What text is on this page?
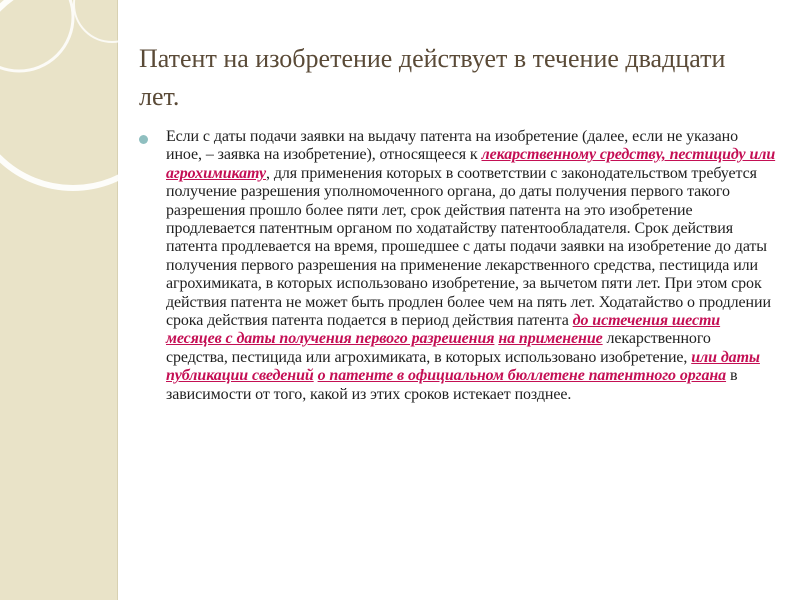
Патент на изобретение действует в течение двадцати лет.
Если с даты подачи заявки на выдачу патента на изобретение (далее, если не указано иное, – заявка на изобретение), относящееся к лекарственному средству, пестициду или агрохимикату, для применения которых в соответствии с законодательством требуется получение разрешения уполномоченного органа, до даты получения первого такого разрешения прошло более пяти лет, срок действия патента на это изобретение продлевается патентным органом по ходатайству патентообладателя. Срок действия патента продлевается на время, прошедшее с даты подачи заявки на изобретение до даты получения первого разрешения на применение лекарственного средства, пестицида или агрохимиката, в которых использовано изобретение, за вычетом пяти лет. При этом срок действия патента не может быть продлен более чем на пять лет. Ходатайство о продлении срока действия патента подается в период действия патента до истечения шести месяцев с даты получения первого разрешения на применение лекарственного средства, пестицида или агрохимиката, в которых использовано изобретение, или даты публикации сведений о патенте в официальном бюллетене патентного органа в зависимости от того, какой из этих сроков истекает позднее.
